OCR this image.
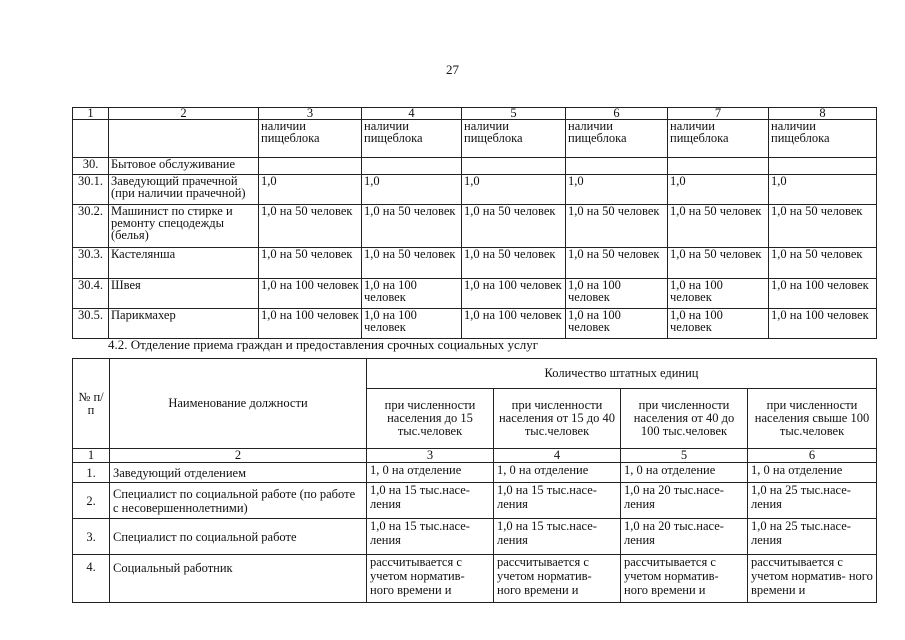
27
1	2	3	4	5	6	7	8
		наличии пищеблока	наличии пищеблока	наличии пищеблока	наличии пищеблока	наличии пищеблока	наличии пищеблока
30.	Бытовое обслуживание						
30.1.	Заведующий прачечной (при наличии прачечной)	1,0	1,0	1,0	1,0	1,0	1,0
30.2.	Машинист по стирке и ремонту спецодежды (белья)	1,0 на 50 человек	1,0 на 50 человек	1,0 на 50 человек	1,0 на 50 человек	1,0 на 50 человек	1,0 на 50 человек
30.3.	Кастелянша	1,0 на 50 человек	1,0 на 50 человек	1,0 на 50 человек	1,0 на 50 человек	1,0 на 50 человек	1,0 на 50 человек
30.4.	Швея	1,0 на 100 человек	1,0 на 100 человек	1,0 на 100 человек	1,0 на 100 человек	1,0 на 100 человек	1,0 на 100 человек
30.5.	Парикмахер	1,0 на 100 человек	1,0 на 100 человек	1,0 на 100 человек	1,0 на 100 человек	1,0 на 100 человек	1,0 на 100 человек
4.2. Отделение приема граждан и предоставления срочных социальных услуг
№ п/п	Наименование должности	Количество штатных единиц			
		при численности населения до 15 тыс.человек	при численности населения от 15 до 40 тыс.человек	при численности населения от 40 до 100 тыс.человек	при численности населения свыше 100 тыс.человек
1	2	3	4	5	6
1.	Заведующий отделением	1, 0 на отделение	1, 0 на отделение	1, 0 на отделение	1, 0 на отделение
2.	Специалист по социальной работе (по работе с несовершеннолетними)	1,0 на 15 тыс.насе- ления	1,0 на 15 тыс.насе- ления	1,0 на 20 тыс.насе- ления	1,0 на 25 тыс.насе- ления
3.	Специалист по социальной работе	1,0 на 15 тыс.насе- ления	1,0 на 15 тыс.насе- ления	1,0 на 20 тыс.насе- ления	1,0 на 25 тыс.насе- ления
4.	Социальный работник	рассчитывается с учетом норматив- ного времени и	рассчитывается с учетом норматив- ного времени и	рассчитывается с учетом норматив- ного времени и	рассчитывается с учетом норматив- ного времени и
